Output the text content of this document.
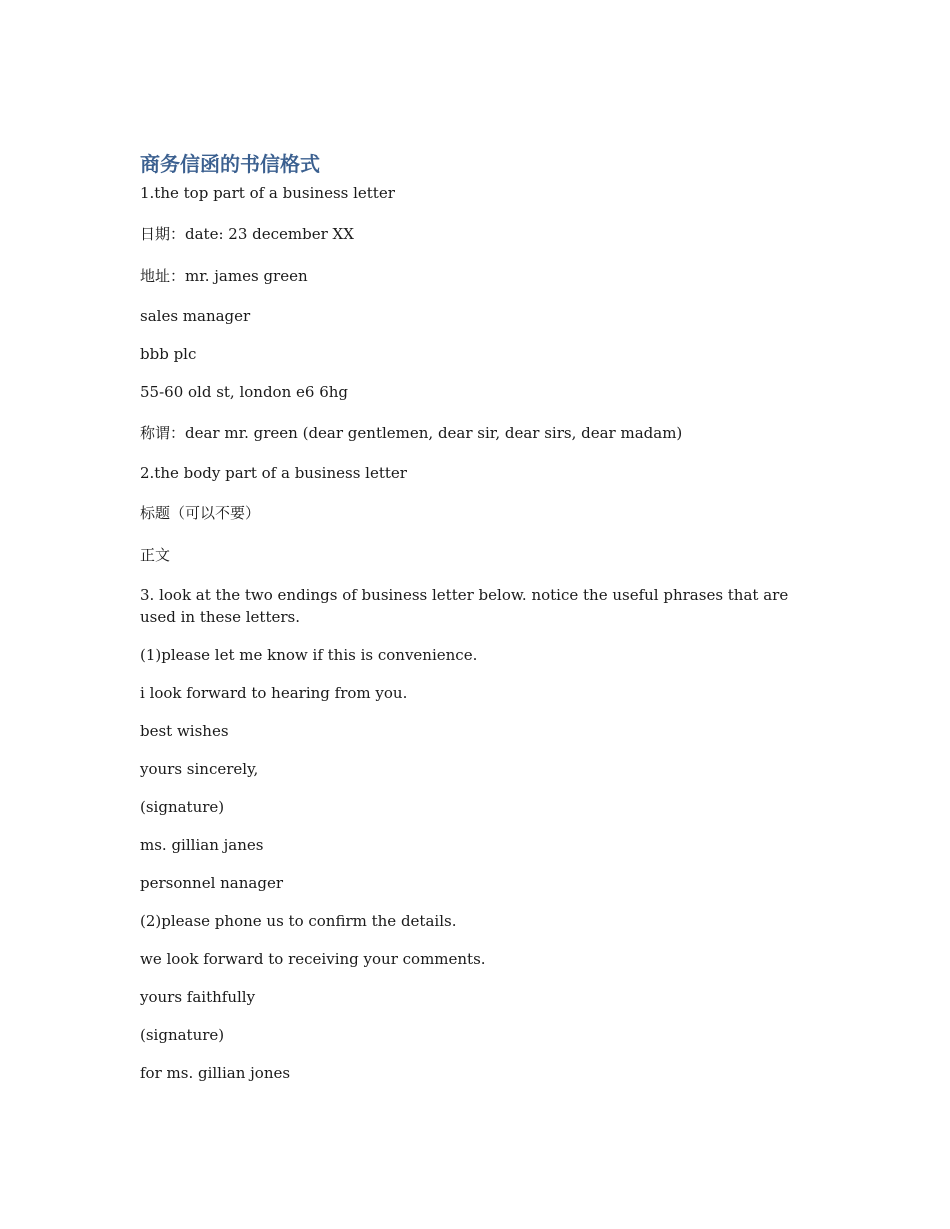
商务信函的书信格式

1.the top part of a business letter

日期：date: 23 december XX

地址：mr. james green

sales manager

bbb plc

55-60 old st, london e6 6hg

称谓：dear mr. green (dear gentlemen, dear sir, dear sirs, dear madam)

2.the body part of a business letter

标题（可以不要）

正文

3. look at the two endings of business letter below. notice the useful phrases that are used in these letters.

(1)please let me know if this is convenience.

i look forward to hearing from you.

best wishes

yours sincerely,

(signature)

ms. gillian janes

personnel nanager

(2)please phone us to confirm the details.

we look forward to receiving your comments.

yours faithfully

(signature)

for ms. gillian jones
